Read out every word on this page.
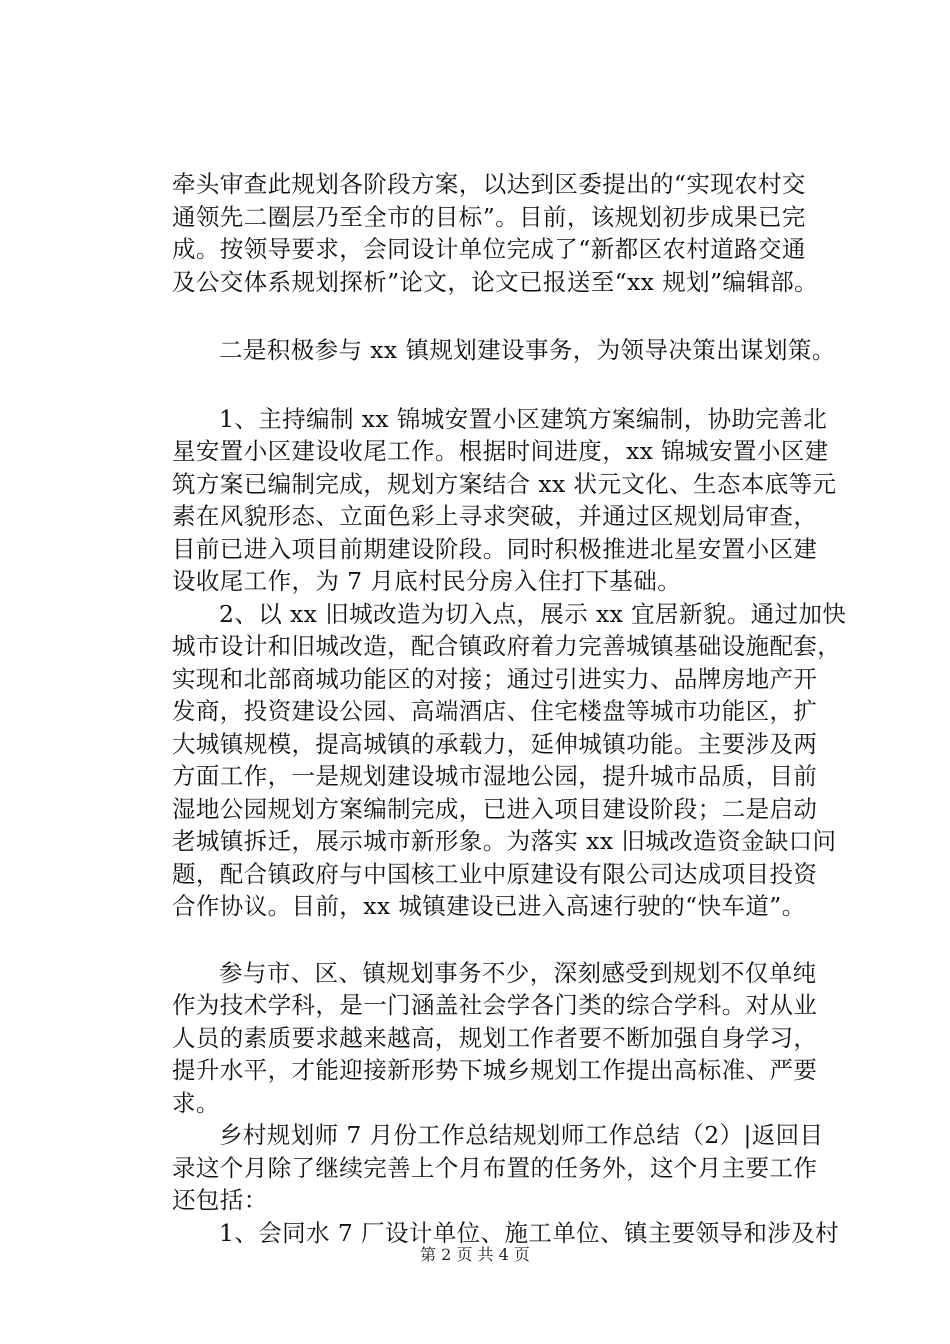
牵头审查此规划各阶段方案，以达到区委提出的“实现农村交
通领先二圈层乃至全市的目标”。目前，该规划初步成果已完
成。按领导要求，会同设计单位完成了“新都区农村道路交通
及公交体系规划探析”论文，论文已报送至“xx 规划”编辑部。
二是积极参与 xx 镇规划建设事务，为领导决策出谋划策。
1、主持编制 xx 锦城安置小区建筑方案编制，协助完善北
星安置小区建设收尾工作。根据时间进度，xx 锦城安置小区建
筑方案已编制完成，规划方案结合 xx 状元文化、生态本底等元
素在风貌形态、立面色彩上寻求突破，并通过区规划局审查，
目前已进入项目前期建设阶段。同时积极推进北星安置小区建
设收尾工作，为 7 月底村民分房入住打下基础。
2、以 xx 旧城改造为切入点，展示 xx 宜居新貌。通过加快
城市设计和旧城改造，配合镇政府着力完善城镇基础设施配套，
实现和北部商城功能区的对接；通过引进实力、品牌房地产开
发商，投资建设公园、高端酒店、住宅楼盘等城市功能区，扩
大城镇规模，提高城镇的承载力，延伸城镇功能。主要涉及两
方面工作，一是规划建设城市湿地公园，提升城市品质，目前
湿地公园规划方案编制完成，已进入项目建设阶段；二是启动
老城镇拆迁，展示城市新形象。为落实 xx 旧城改造资金缺口问
题，配合镇政府与中国核工业中原建设有限公司达成项目投资
合作协议。目前，xx 城镇建设已进入高速行驶的“快车道”。
参与市、区、镇规划事务不少，深刻感受到规划不仅单纯
作为技术学科，是一门涵盖社会学各门类的综合学科。对从业
人员的素质要求越来越高，规划工作者要不断加强自身学习，
提升水平，才能迎接新形势下城乡规划工作提出高标准、严要
求。
乡村规划师 7 月份工作总结规划师工作总结（2）|返回目
录这个月除了继续完善上个月布置的任务外，这个月主要工作
还包括：
1、会同水 7 厂设计单位、施工单位、镇主要领导和涉及村
第 2 页 共 4 页
